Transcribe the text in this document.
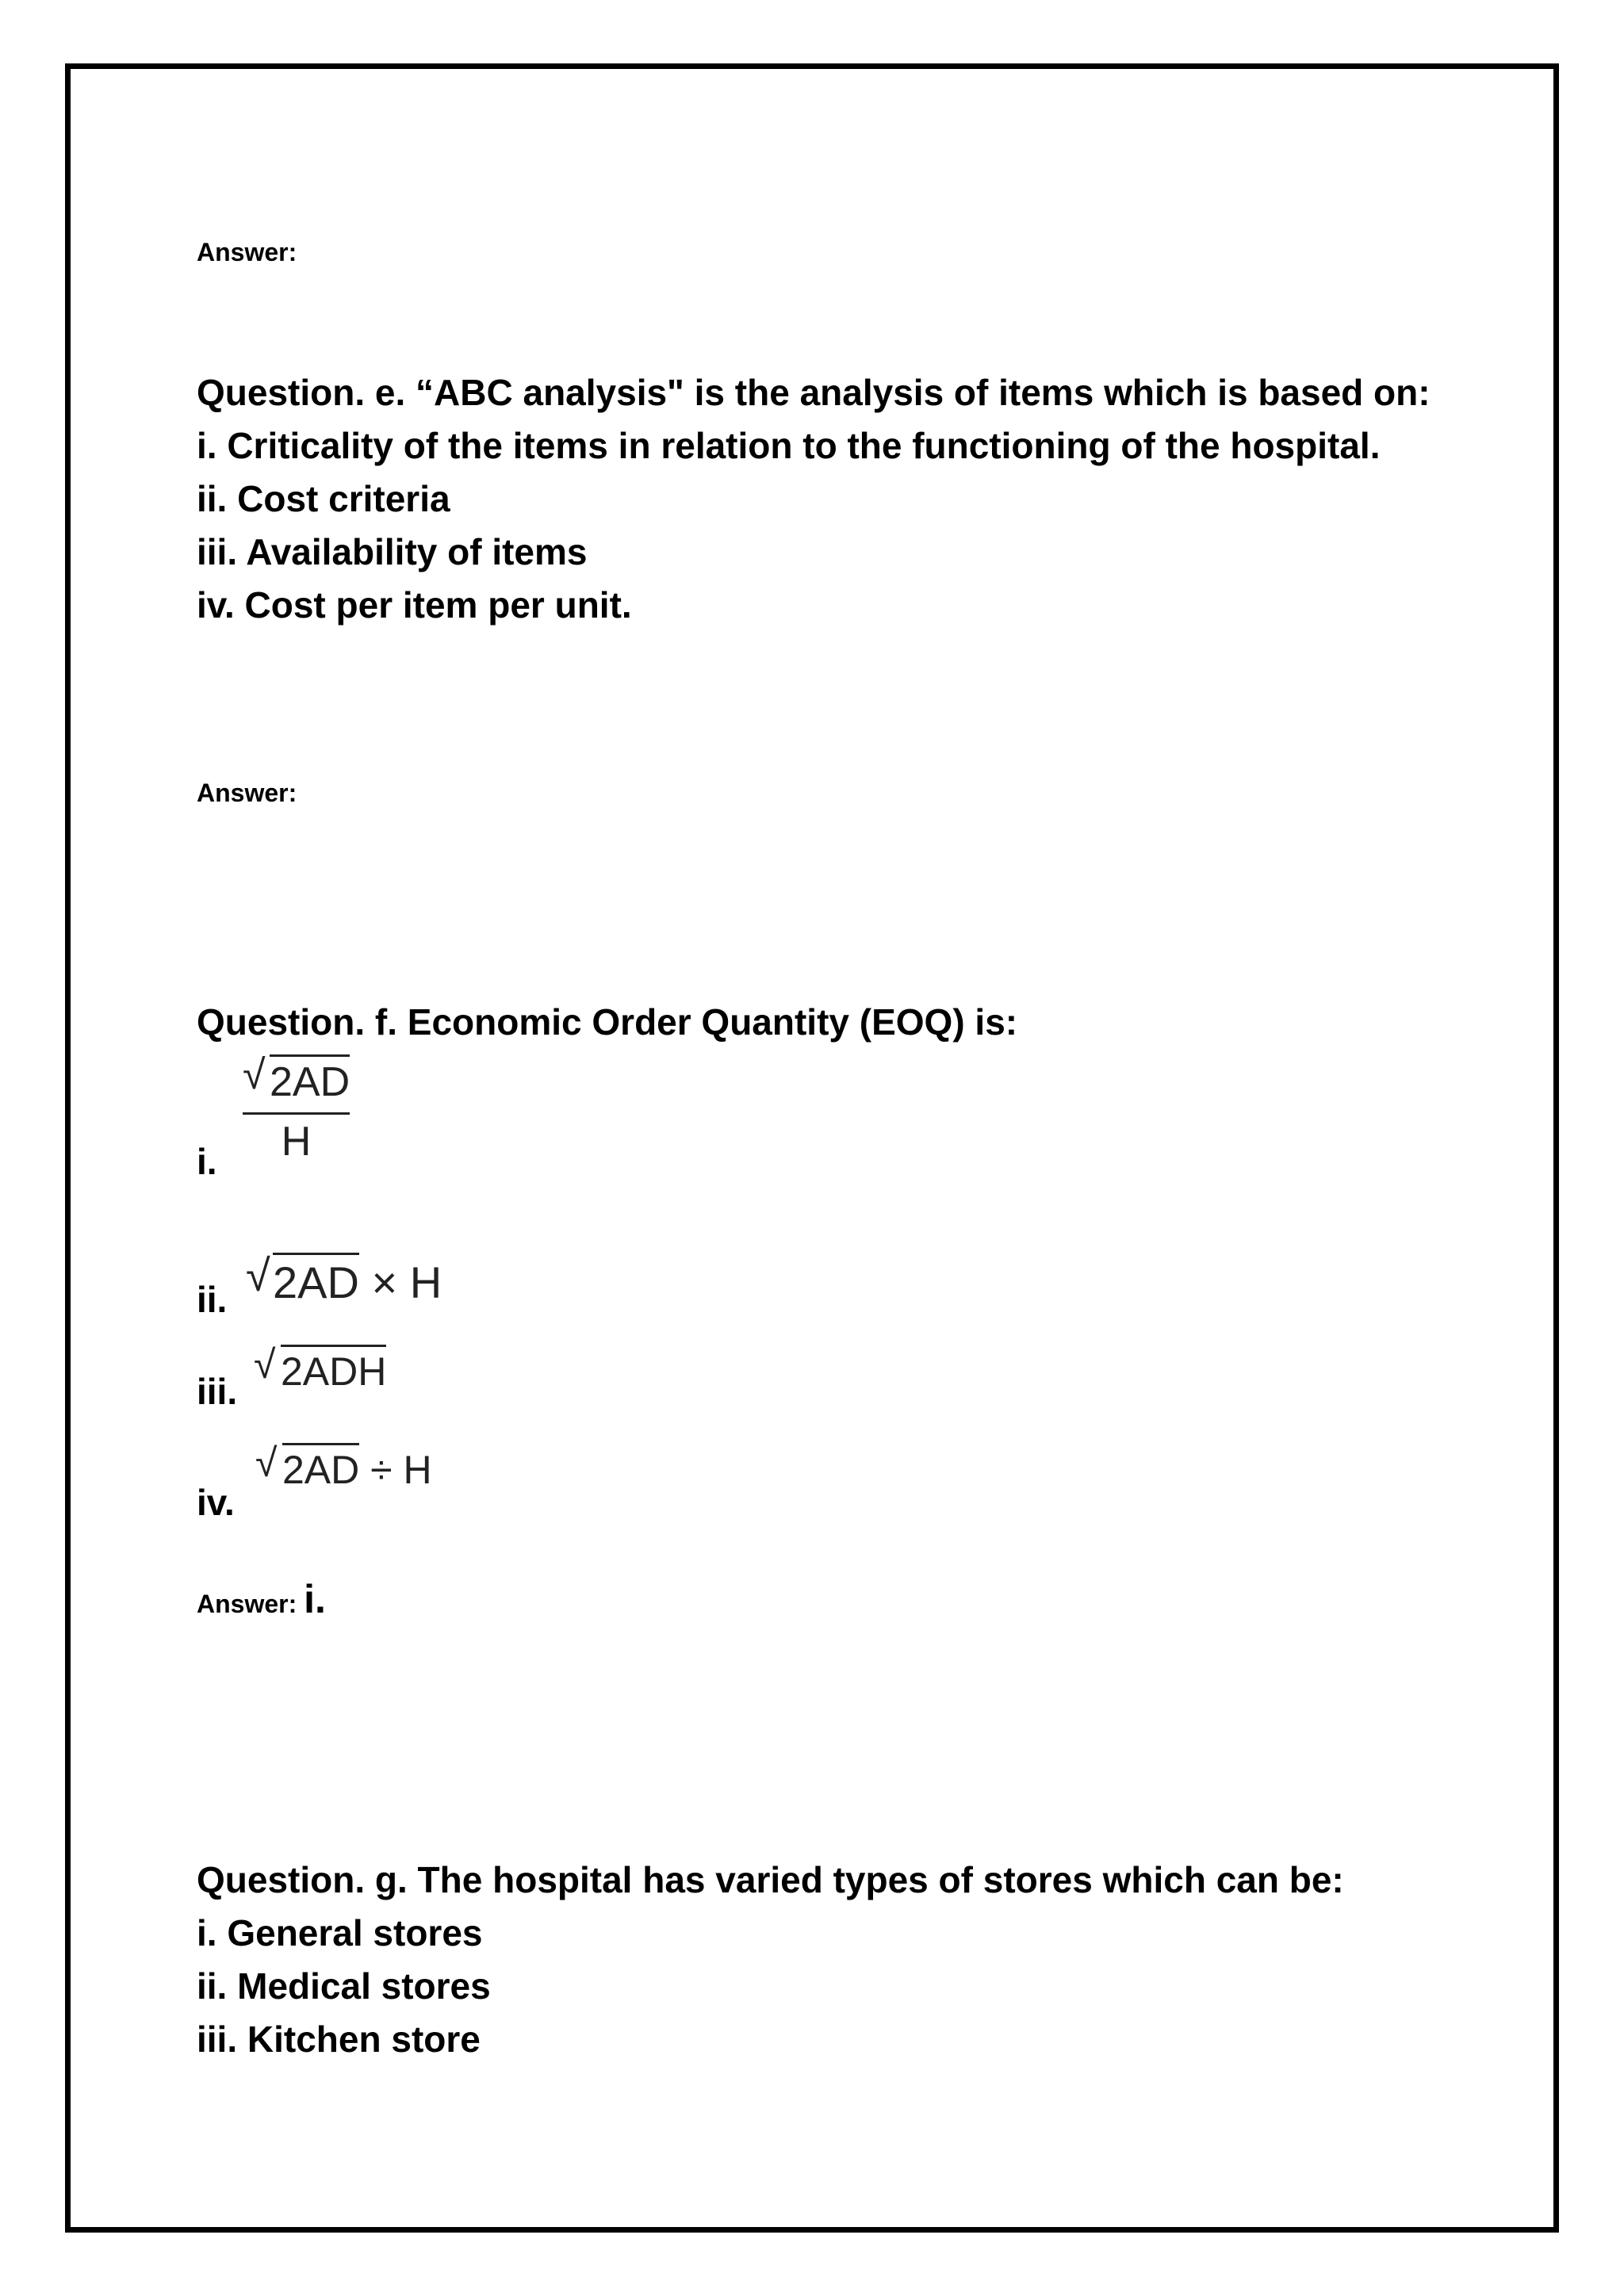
Answer:

Question. e. “ABC analysis" is the analysis of items which is based on:

i. Criticality of the items in relation to the functioning of the hospital.

ii. Cost criteria

iii. Availability of items

iv. Cost per item per unit.

Answer:

Question. f. Economic Order Quantity (EOQ) is:

i. $\frac{√ 2AD}{H}$
ii. √ 2AD × H
iii.
√ 2ADH
iv.
√ 2AD ÷ H
Answer: i.

Question. g. The hospital has varied types of stores which can be:

i. General stores

ii. Medical stores

iii. Kitchen store
